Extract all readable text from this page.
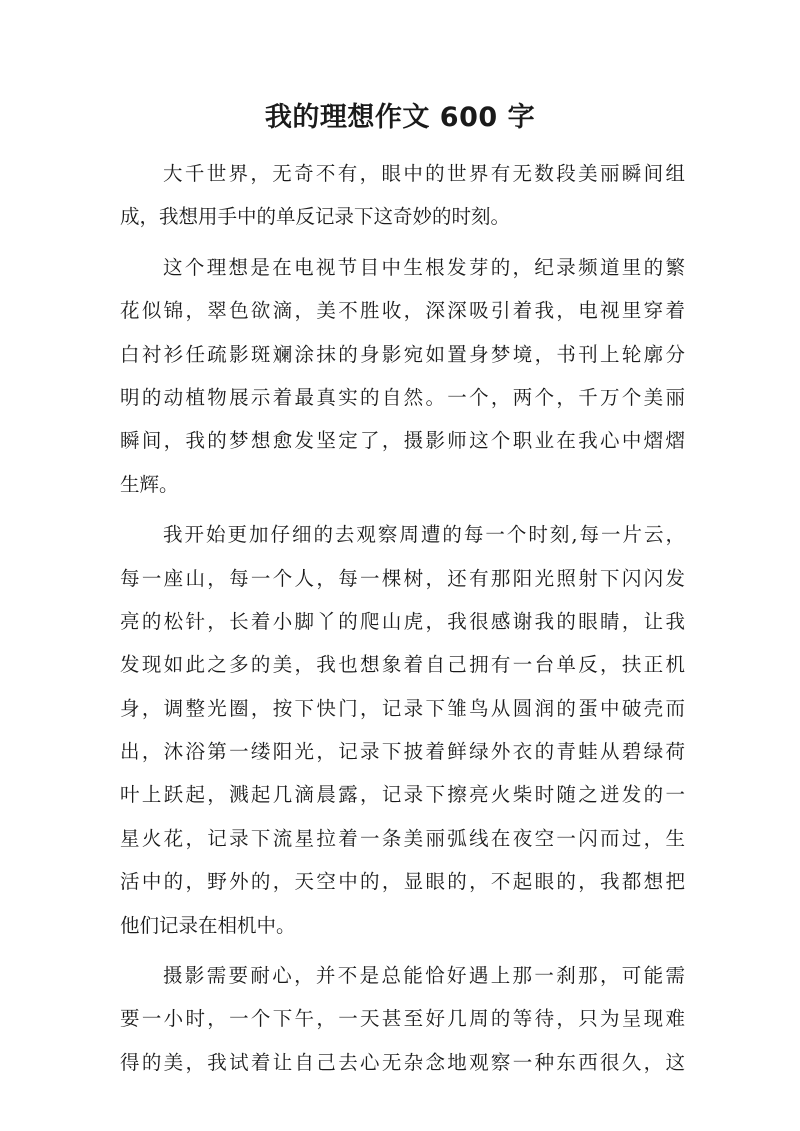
我的理想作文 600 字

大千世界，无奇不有，眼中的世界有无数段美丽瞬间组
成，我想用手中的单反记录下这奇妙的时刻。

这个理想是在电视节目中生根发芽的，纪录频道里的繁
花似锦，翠色欲滴，美不胜收，深深吸引着我，电视里穿着
白衬衫任疏影斑斓涂抹的身影宛如置身梦境，书刊上轮廓分
明的动植物展示着最真实的自然。一个，两个，千万个美丽
瞬间，我的梦想愈发坚定了，摄影师这个职业在我心中熠熠
生辉。

我开始更加仔细的去观察周遭的每一个时刻,每一片云，
每一座山，每一个人，每一棵树，还有那阳光照射下闪闪发
亮的松针，长着小脚丫的爬山虎，我很感谢我的眼睛，让我
发现如此之多的美，我也想象着自己拥有一台单反，扶正机
身，调整光圈，按下快门，记录下雏鸟从圆润的蛋中破壳而
出，沐浴第一缕阳光，记录下披着鲜绿外衣的青蛙从碧绿荷
叶上跃起，溅起几滴晨露，记录下擦亮火柴时随之迸发的一
星火花，记录下流星拉着一条美丽弧线在夜空一闪而过，生
活中的，野外的，天空中的，显眼的，不起眼的，我都想把
他们记录在相机中。

摄影需要耐心，并不是总能恰好遇上那一刹那，可能需
要一小时，一个下午，一天甚至好几周的等待，只为呈现难
得的美，我试着让自己去心无杂念地观察一种东西很久，这
